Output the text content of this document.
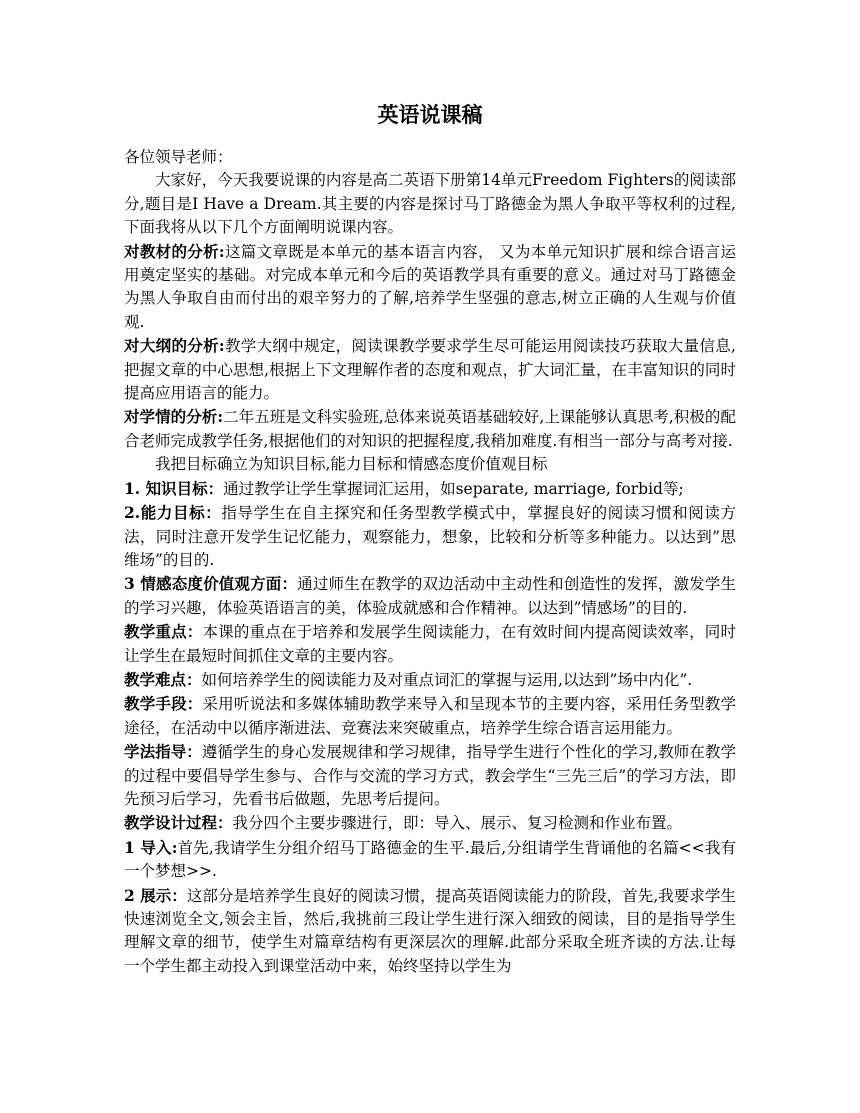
英语说课稿

各位领导老师：

大家好，今天我要说课的内容是高二英语下册第14单元Freedom Fighters的阅读部分,题目是I Have a Dream.其主要的内容是探讨马丁路德金为黑人争取平等权利的过程,下面我将从以下几个方面阐明说课内容。

对教材的分析:这篇文章既是本单元的基本语言内容， 又为本单元知识扩展和综合语言运用奠定坚实的基础。对完成本单元和今后的英语教学具有重要的意义。通过对马丁路德金为黑人争取自由而付出的艰辛努力的了解,培养学生坚强的意志,树立正确的人生观与价值观.

对大纲的分析:教学大纲中规定，阅读课教学要求学生尽可能运用阅读技巧获取大量信息,把握文章的中心思想,根据上下文理解作者的态度和观点，扩大词汇量，在丰富知识的同时提高应用语言的能力。

对学情的分析:二年五班是文科实验班,总体来说英语基础较好,上课能够认真思考,积极的配合老师完成教学任务,根据他们的对知识的把握程度,我稍加难度.有相当一部分与高考对接.

我把目标确立为知识目标,能力目标和情感态度价值观目标

1. 知识目标：通过教学让学生掌握词汇运用，如separate, marriage, forbid等;

2.能力目标：指导学生在自主探究和任务型教学模式中，掌握良好的阅读习惯和阅读方法，同时注意开发学生记忆能力，观察能力，想象，比较和分析等多种能力。以达到”思维场”的目的.

3 情感态度价值观方面：通过师生在教学的双边活动中主动性和创造性的发挥，激发学生的学习兴趣，体验英语语言的美，体验成就感和合作精神。以达到”情感场”的目的.

教学重点：本课的重点在于培养和发展学生阅读能力，在有效时间内提高阅读效率，同时让学生在最短时间抓住文章的主要内容。

教学难点：如何培养学生的阅读能力及对重点词汇的掌握与运用,以达到”场中内化”.

教学手段：采用听说法和多媒体辅助教学来导入和呈现本节的主要内容，采用任务型教学途径，在活动中以循序渐进法、竞赛法来突破重点，培养学生综合语言运用能力。

学法指导：遵循学生的身心发展规律和学习规律，指导学生进行个性化的学习,教师在教学的过程中要倡导学生参与、合作与交流的学习方式，教会学生“三先三后”的学习方法，即先预习后学习，先看书后做题，先思考后提问。

教学设计过程：我分四个主要步骤进行，即：导入、展示、复习检测和作业布置。

1 导入:首先,我请学生分组介绍马丁路德金的生平.最后,分组请学生背诵他的名篇<<我有一个梦想>>.

2 展示：这部分是培养学生良好的阅读习惯，提高英语阅读能力的阶段，首先,我要求学生快速浏览全文,领会主旨，然后,我挑前三段让学生进行深入细致的阅读，目的是指导学生理解文章的细节，使学生对篇章结构有更深层次的理解.此部分采取全班齐读的方法.让每一个学生都主动投入到课堂活动中来，始终坚持以学生为
